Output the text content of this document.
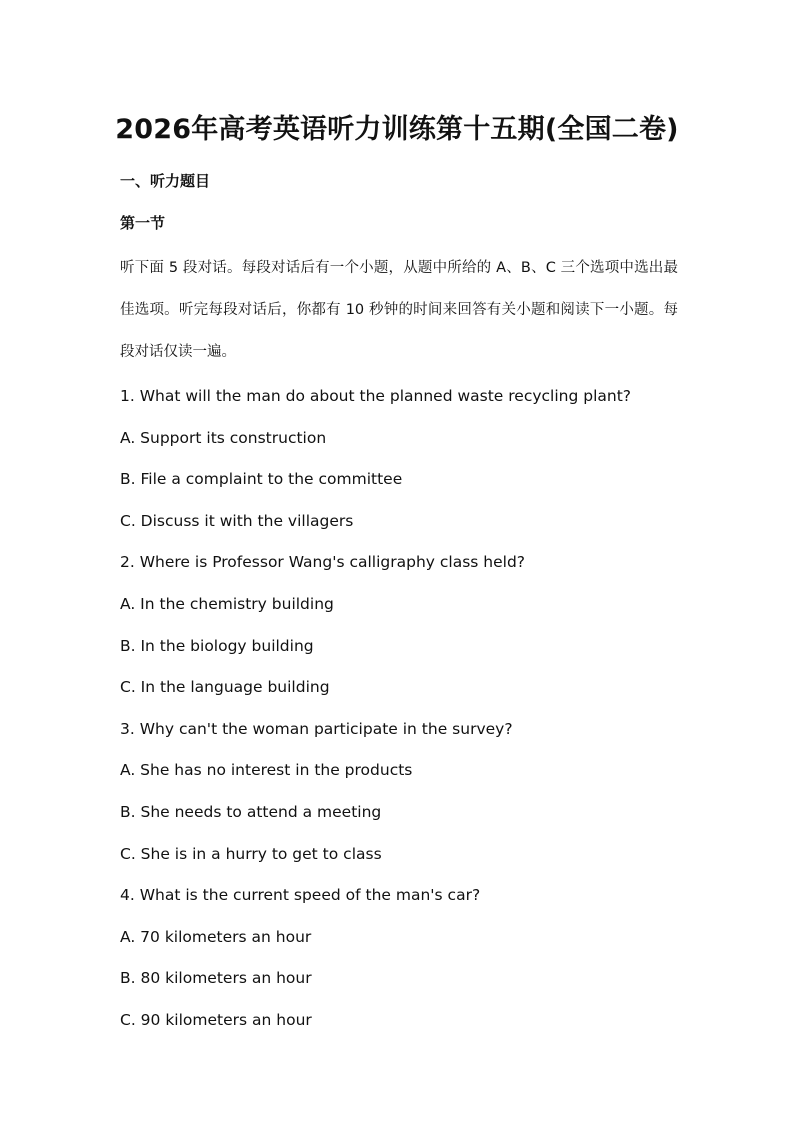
2026年高考英语听力训练第十五期(全国二卷)
一、听力题目
第一节
听下面 5 段对话。每段对话后有一个小题，从题中所给的 A、B、C 三个选项中选出最佳选项。听完每段对话后，你都有 10 秒钟的时间来回答有关小题和阅读下一小题。每段对话仅读一遍。
1. What will the man do about the planned waste recycling plant?
A. Support its construction
B. File a complaint to the committee
C. Discuss it with the villagers
2. Where is Professor Wang's calligraphy class held?
A. In the chemistry building
B. In the biology building
C. In the language building
3. Why can't the woman participate in the survey?
A. She has no interest in the products
B. She needs to attend a meeting
C. She is in a hurry to get to class
4. What is the current speed of the man's car?
A. 70 kilometers an hour
B. 80 kilometers an hour
C. 90 kilometers an hour
